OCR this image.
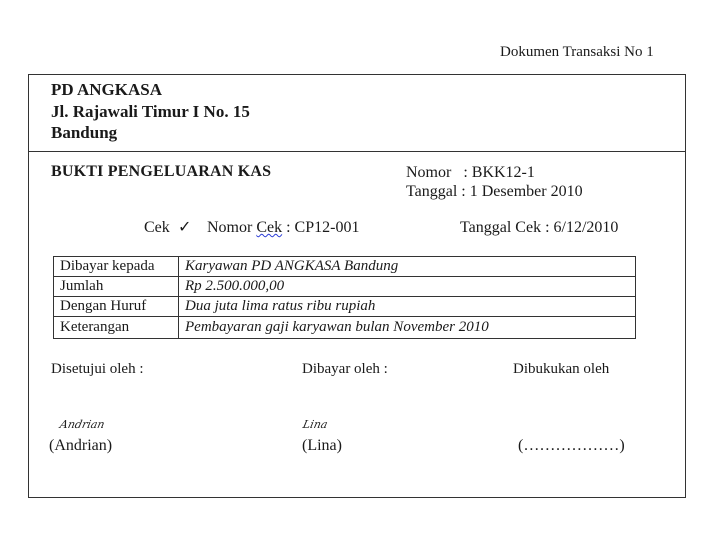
Dokumen Transaksi No 1
PD ANGKASA
Jl. Rajawali Timur I No. 15
Bandung
BUKTI PENGELUARAN KAS	Nomor   : BKK12-1
Tanggal : 1 Desember 2010
Cek ✓ Nomor Cek : CP12-001	Tanggal Cek : 6/12/2010
Dibayar kepada	Karyawan PD ANGKASA Bandung
Jumlah	Rp 2.500.000,00
Dengan Huruf	Dua juta lima ratus ribu rupiah
Keterangan	Pembayaran gaji karyawan bulan November 2010
Disetujui oleh :	Dibayar oleh :	Dibukukan oleh
Andrian	Lina
(Andrian)	(Lina)	(………………)
